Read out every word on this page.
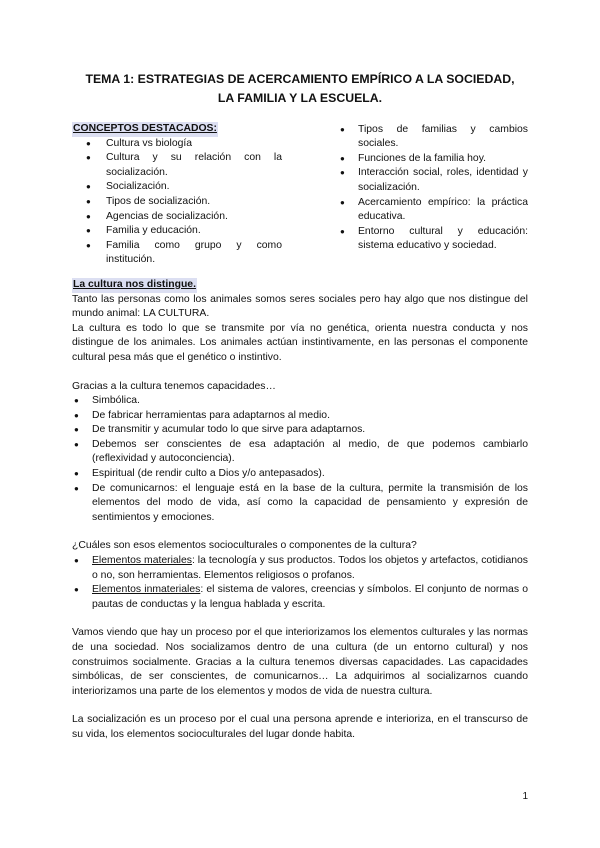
TEMA 1: ESTRATEGIAS DE ACERCAMIENTO EMPÍRICO A LA SOCIEDAD, LA FAMILIA Y LA ESCUELA.
CONCEPTOS DESTACADOS:
● Cultura vs biología
● Cultura y su relación con la socialización.
● Socialización.
● Tipos de socialización.
● Agencias de socialización.
● Familia y educación.
● Familia como grupo y como institución.
● Tipos de familias y cambios sociales.
● Funciones de la familia hoy.
● Interacción social, roles, identidad y socialización.
● Acercamiento empírico: la práctica educativa.
● Entorno cultural y educación: sistema educativo y sociedad.
La cultura nos distingue.

Tanto las personas como los animales somos seres sociales pero hay algo que nos distingue del mundo animal: LA CULTURA.

La cultura es todo lo que se transmite por vía no genética, orienta nuestra conducta y nos distingue de los animales. Los animales actúan instintivamente, en las personas el componente cultural pesa más que el genético o instintivo.

Gracias a la cultura tenemos capacidades…

● Simbólica.
● De fabricar herramientas para adaptarnos al medio.
● De transmitir y acumular todo lo que sirve para adaptarnos.
● Debemos ser conscientes de esa adaptación al medio, de que podemos cambiarlo (reflexividad y autoconciencia).
● Espiritual (de rendir culto a Dios y/o antepasados).
● De comunicarnos: el lenguaje está en la base de la cultura, permite la transmisión de los elementos del modo de vida, así como la capacidad de pensamiento y expresión de sentimientos y emociones.

¿Cuáles son esos elementos socioculturales o componentes de la cultura?

● Elementos materiales: la tecnología y sus productos. Todos los objetos y artefactos, cotidianos o no, son herramientas. Elementos religiosos o profanos.
● Elementos inmateriales: el sistema de valores, creencias y símbolos. El conjunto de normas o pautas de conductas y la lengua hablada y escrita.

Vamos viendo que hay un proceso por el que interiorizamos los elementos culturales y las normas de una sociedad. Nos socializamos dentro de una cultura (de un entorno cultural) y nos construimos socialmente. Gracias a la cultura tenemos diversas capacidades. Las capacidades simbólicas, de ser conscientes, de comunicarnos… La adquirimos al socializarnos cuando interiorizamos una parte de los elementos y modos de vida de nuestra cultura.

La socialización es un proceso por el cual una persona aprende e interioriza, en el transcurso de su vida, los elementos socioculturales del lugar donde habita.

1
